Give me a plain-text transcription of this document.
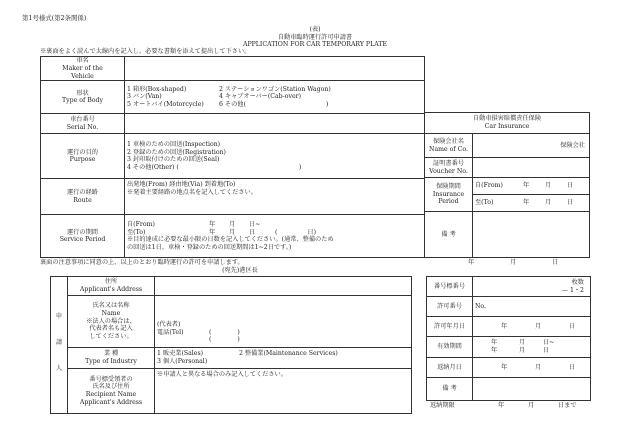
第1号様式(第2条関係)
(表)
自動車臨時運行許可申請書
APPLICATION FOR CAR TEMPORARY PLATE
※裏面をよく読んで太線内を記入し、必要な書類を添えて提出して下さい。
車名
Maker of the
Vehicle	

形状
Type of Body	1 箱形(Box-shaped) 2 ステーションワゴン(Station Wagon)
3 バン(Van) 4 キャブオーバー(Cab-over)
5 オートバイ(Motorcycle) 6 その他( )

車台番号
Serial No.	

運行の目的
Purpose	1 車検のための回送(Inspection)
2 登録のための回送(Registration)
3 封印取付けのための回送(Seal)
4 その他(Other) ( )

運行の経路
Route	出発地(From) 経由地(Via) 到着地(To)
※発着主要経路の地点名を記入してください。

運行の期間
Service Period	自(From) 年 月 日~
至(To) 年 月 日 ( 日)
※目的達成に必要な最小限の日数を記入してください。(通常、整備のため
の回送は1日、車検・登録のための回送期間は1~2日です。)
自動車損害賠償責任保険
Car Insurance	

保険会社名
Name of Co.	保険会社

証明書番号
Voucher No.	

保険期間
Insurance
Period	自(From) 年 月 日
	至(To) 年 月 日
備 考	
裏面の注意事項に同意の上、以上のとおり臨時運行の許可を申請します。	年	月	日
(宛先)港区長
申
請
人	住所
Applicant's Address	

	氏名又は名称
Name
※法人の場合は、
代表者名も記入
してください。	(代表者)
電話(Tel) ( )
( )

	業 種
Type of Industry	1 販売業(Sales) 2 整備業(Maintenance Services)
3 個人(Personal)

	番号標受領者の
氏名及び住所
Recipient Name
Applicant's Address	※申請人と異なる場合のみ記入してください。
番号標番号	枚数
— 1・2

許可番号	No.
許可年月日	年 月 日
有効期間	年 月 日~
年 月 日

返納月日	年 月 日
備 考	
返納期限	年	月	日まで
